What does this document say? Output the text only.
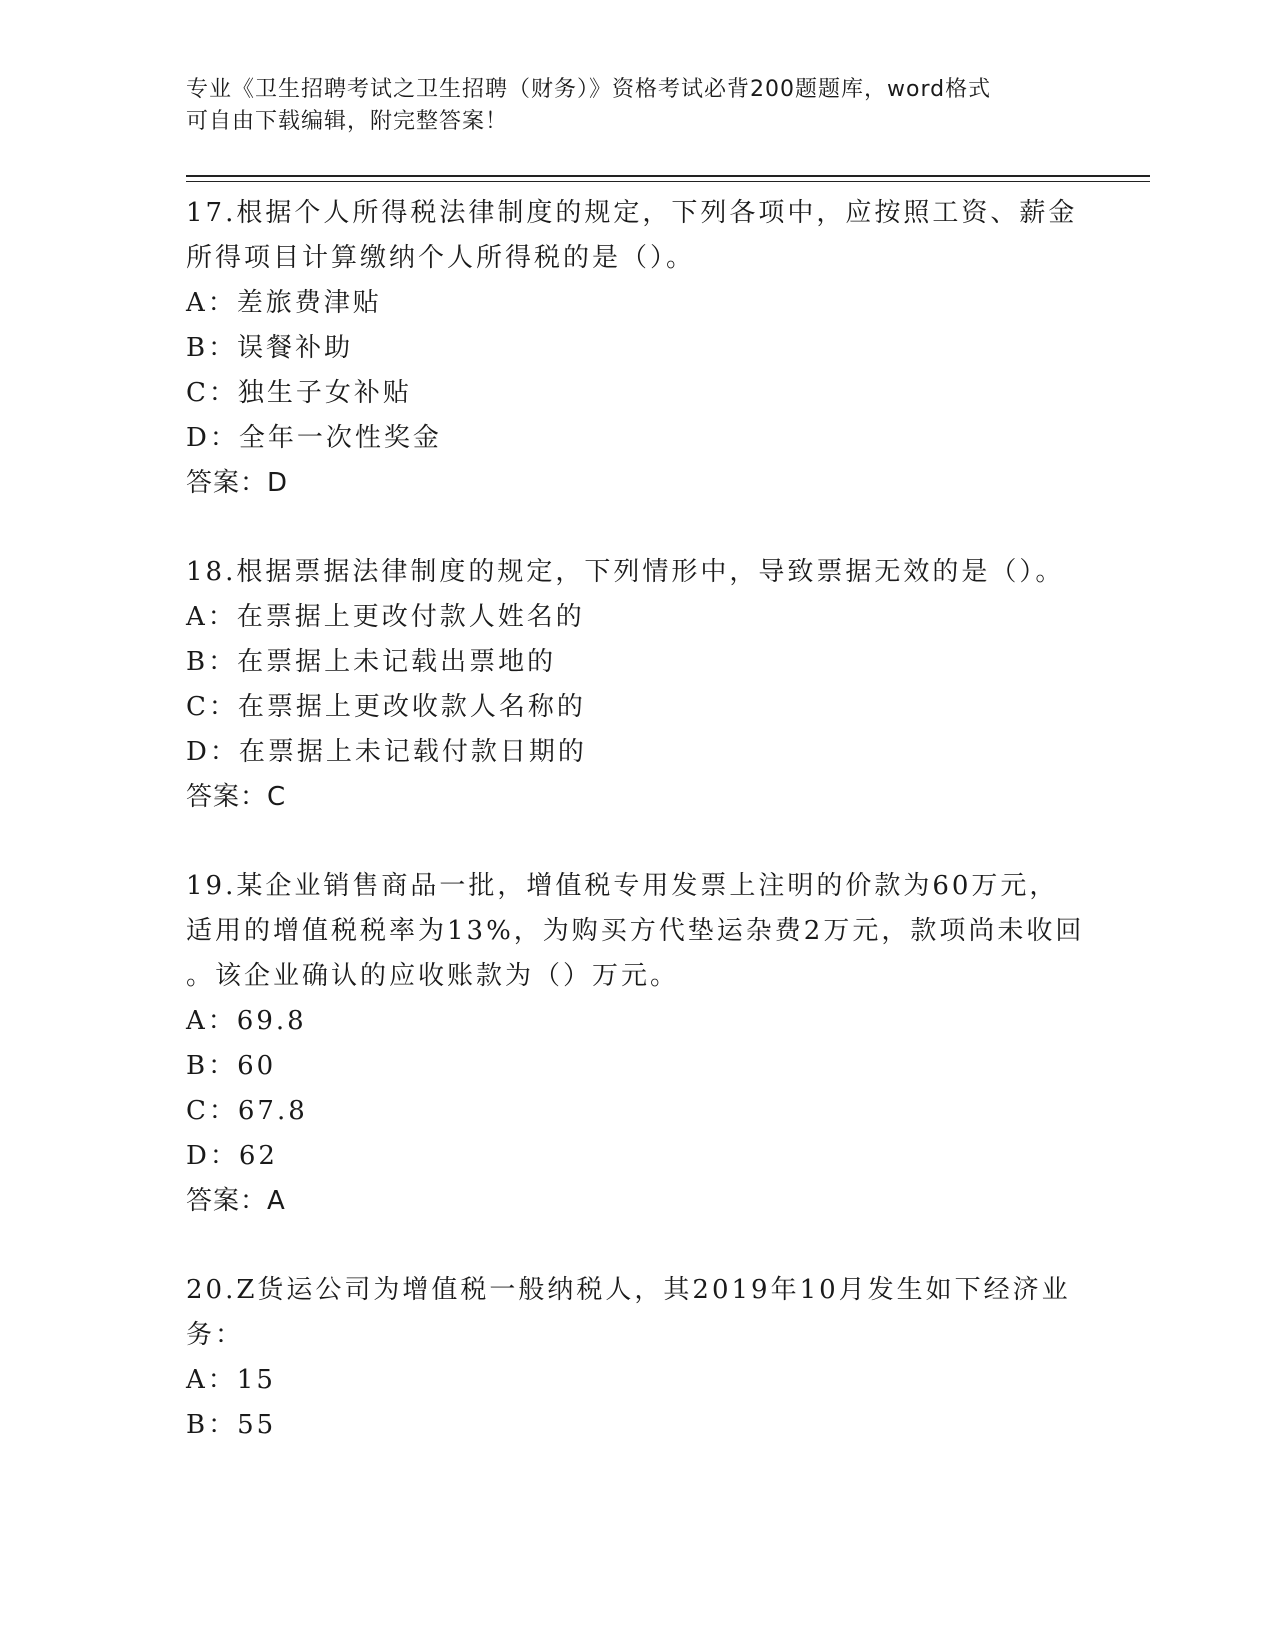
专业《卫生招聘考试之卫生招聘（财务）》资格考试必背200题题库，word格式
可自由下载编辑，附完整答案！
17.根据个人所得税法律制度的规定，下列各项中，应按照工资、薪金
所得项目计算缴纳个人所得税的是（）。
A：差旅费津贴
B：误餐补助
C：独生子女补贴
D：全年一次性奖金
答案：D
18.根据票据法律制度的规定，下列情形中，导致票据无效的是（）。
A：在票据上更改付款人姓名的
B：在票据上未记载出票地的
C：在票据上更改收款人名称的
D：在票据上未记载付款日期的
答案：C
19.某企业销售商品一批，增值税专用发票上注明的价款为60万元，
适用的增值税税率为13%，为购买方代垫运杂费2万元，款项尚未收回
。该企业确认的应收账款为（）万元。
A：69.8
B：60
C：67.8
D：62
答案：A
20.Z货运公司为增值税一般纳税人，其2019年10月发生如下经济业
务：
A：15
B：55
